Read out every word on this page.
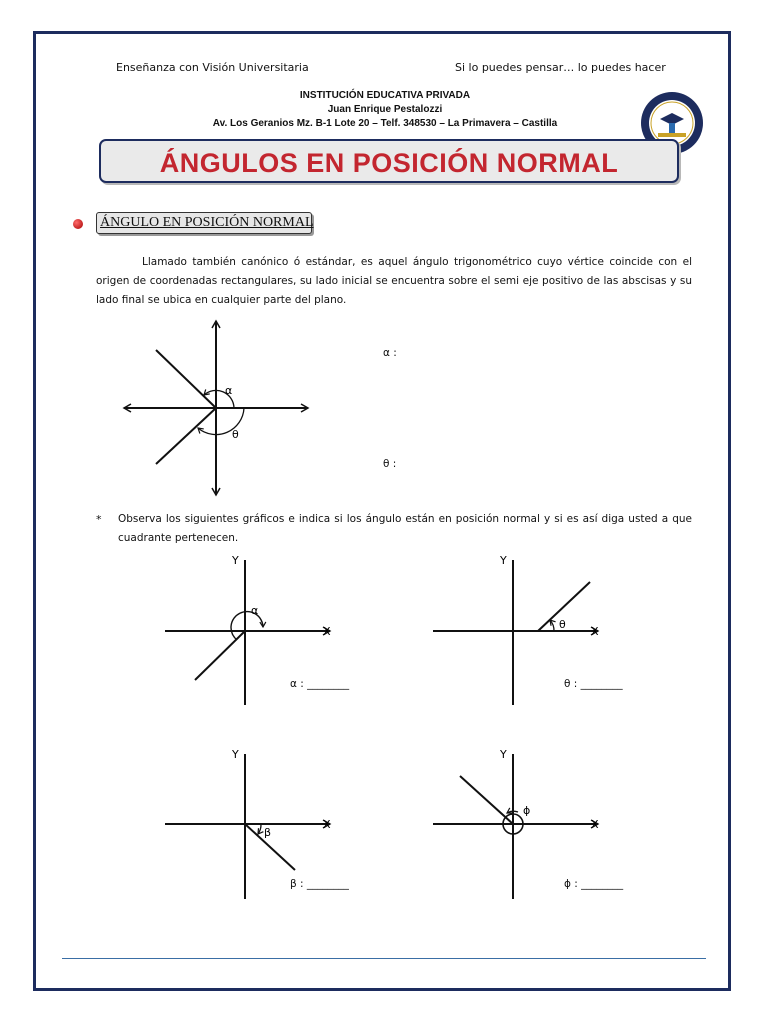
Enseñanza con Visión Universitaria	Si lo puedes pensar… lo puedes hacer
INSTITUCIÓN EDUCATIVA PRIVADA
Juan Enrique Pestalozzi
Av. Los Geranios Mz. B-1 Lote 20 – Telf. 348530 – La Primavera – Castilla
ÁNGULOS EN POSICIÓN NORMAL
ÁNGULO EN POSICIÓN NORMAL
Llamado también canónico ó estándar, es aquel ángulo trigonométrico cuyo vértice coincide con el origen de coordenadas rectangulares, su lado inicial se encuentra sobre el semi eje positivo de las abscisas y su lado final se ubica en cualquier parte del plano.
α
θ
α :
θ :
* Observa los siguientes gráficos e indica si los ángulo están en posición normal y si es así diga usted a que cuadrante pertenecen.
Y
X
α
α : ________
Y
X
θ
θ : ________
Y
X
β
β : ________
Y
X
ϕ
ϕ : ________
